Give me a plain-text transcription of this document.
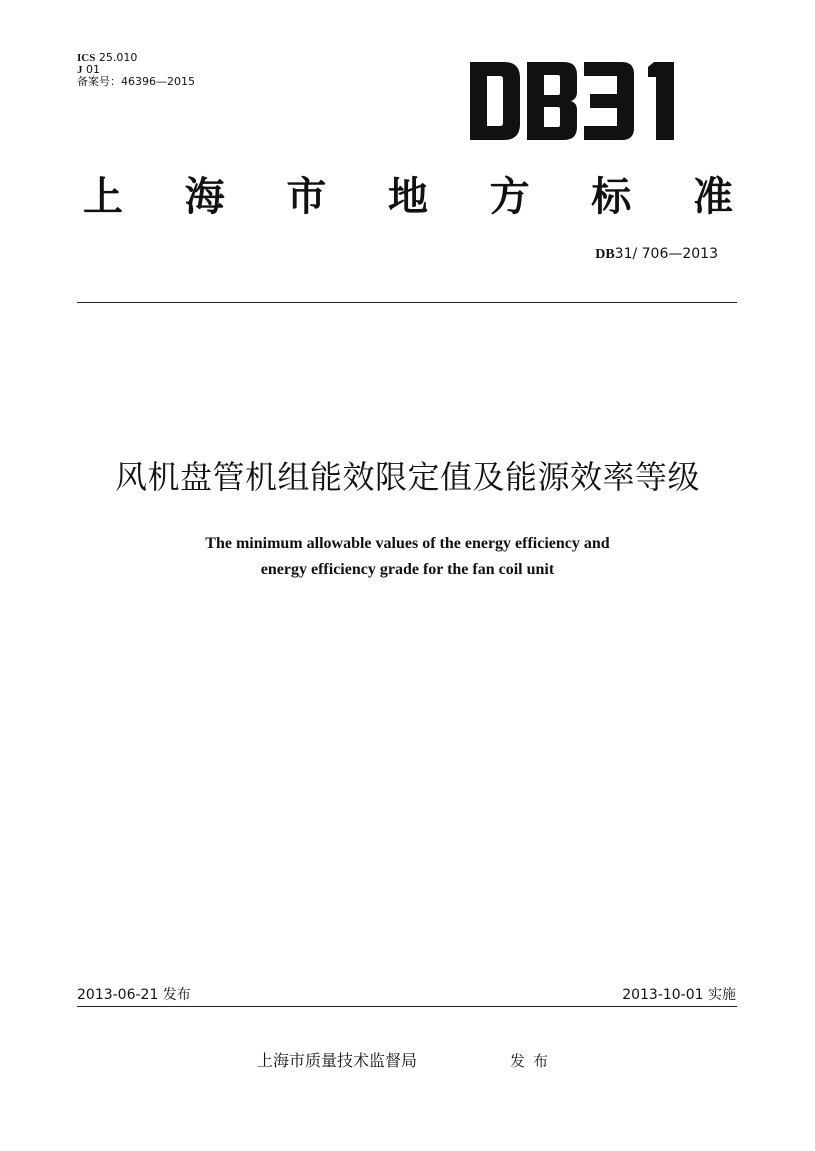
ICS 25.010
J 01
备案号：46396—2015
上 海 市 地 方 标 准
DB31/ 706—2013
风机盘管机组能效限定值及能源效率等级
The minimum allowable values of the energy efficiency and
energy efficiency grade for the fan coil unit
2013-06-21 发布	2013-10-01 实施
上海市质量技术监督局	发布
